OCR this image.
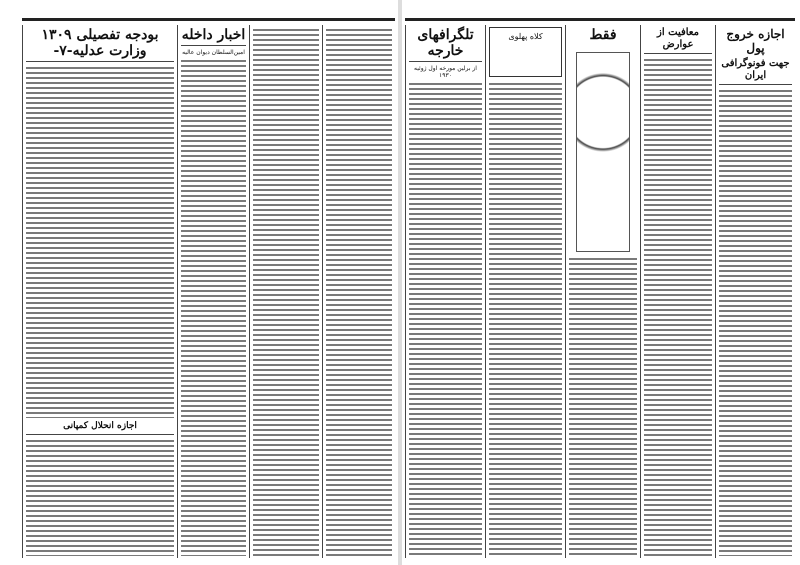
بودجه تفصیلی ۱۳۰۹ وزارت عدلیه-۷-
اجازه انحلال کمپانی
اخبار داخله
امین‌السلطان دیوان عالیه
تلگرافهای خارجه
از برلین مورخه اول ژوئیه ۱۹۳۰
کلاه پهلوی	فقط	معافیت از عوارض
اجازه خروج پول
جهت فونوگرافی ایران
